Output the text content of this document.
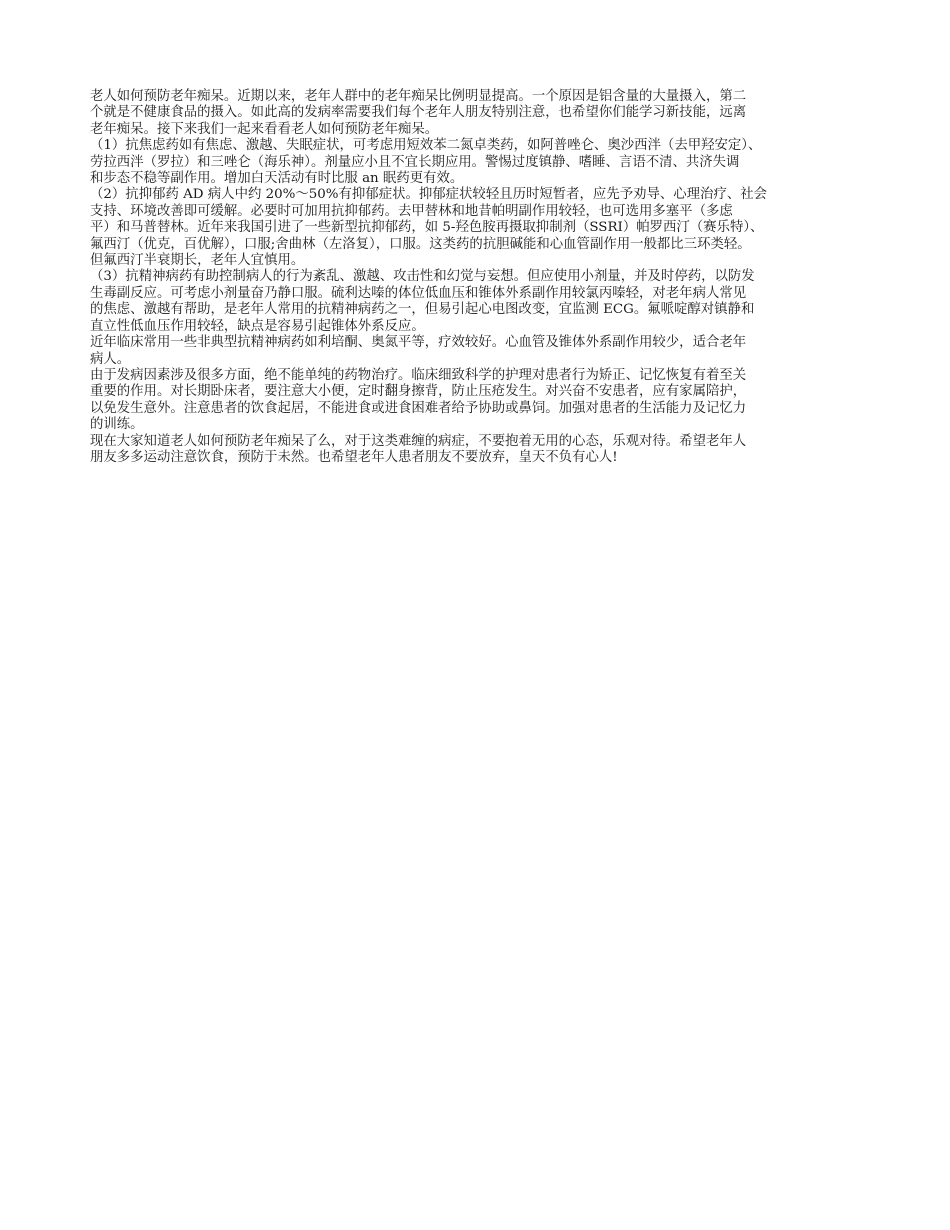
老人如何预防老年痴呆。近期以来，老年人群中的老年痴呆比例明显提高。一个原因是铝含量的大量摄入，第二
个就是不健康食品的摄入。如此高的发病率需要我们每个老年人朋友特别注意，也希望你们能学习新技能，远离
老年痴呆。接下来我们一起来看看老人如何预防老年痴呆。

（1）抗焦虑药如有焦虑、激越、失眠症状，可考虑用短效苯二氮卓类药，如阿普唑仑、奥沙西泮（去甲羟安定）、
劳拉西泮（罗拉）和三唑仑（海乐神）。剂量应小且不宜长期应用。警惕过度镇静、嗜睡、言语不清、共济失调
和步态不稳等副作用。增加白天活动有时比服 an 眠药更有效。

（2）抗抑郁药 AD 病人中约 20%～50%有抑郁症状。抑郁症状较轻且历时短暂者，应先予劝导、心理治疗、社会
支持、环境改善即可缓解。必要时可加用抗抑郁药。去甲替林和地昔帕明副作用较轻，也可选用多塞平（多虑
平）和马普替林。近年来我国引进了一些新型抗抑郁药，如 5-羟色胺再摄取抑制剂（SSRI）帕罗西汀（赛乐特）、
氟西汀（优克，百优解），口服;舍曲林（左洛复），口服。这类药的抗胆碱能和心血管副作用一般都比三环类轻。
但氟西汀半衰期长，老年人宜慎用。

（3）抗精神病药有助控制病人的行为紊乱、激越、攻击性和幻觉与妄想。但应使用小剂量，并及时停药，以防发
生毒副反应。可考虑小剂量奋乃静口服。硫利达嗪的体位低血压和锥体外系副作用较氯丙嗪轻，对老年病人常见
的焦虑、激越有帮助，是老年人常用的抗精神病药之一，但易引起心电图改变，宜监测 ECG。氟哌啶醇对镇静和
直立性低血压作用较轻，缺点是容易引起锥体外系反应。

近年临床常用一些非典型抗精神病药如利培酮、奥氮平等，疗效较好。心血管及锥体外系副作用较少，适合老年
病人。

由于发病因素涉及很多方面，绝不能单纯的药物治疗。临床细致科学的护理对患者行为矫正、记忆恢复有着至关
重要的作用。对长期卧床者，要注意大小便，定时翻身擦背，防止压疮发生。对兴奋不安患者，应有家属陪护，
以免发生意外。注意患者的饮食起居，不能进食或进食困难者给予协助或鼻饲。加强对患者的生活能力及记忆力
的训练。

现在大家知道老人如何预防老年痴呆了么，对于这类难缠的病症，不要抱着无用的心态，乐观对待。希望老年人
朋友多多运动注意饮食，预防于未然。也希望老年人患者朋友不要放弃，皇天不负有心人!
